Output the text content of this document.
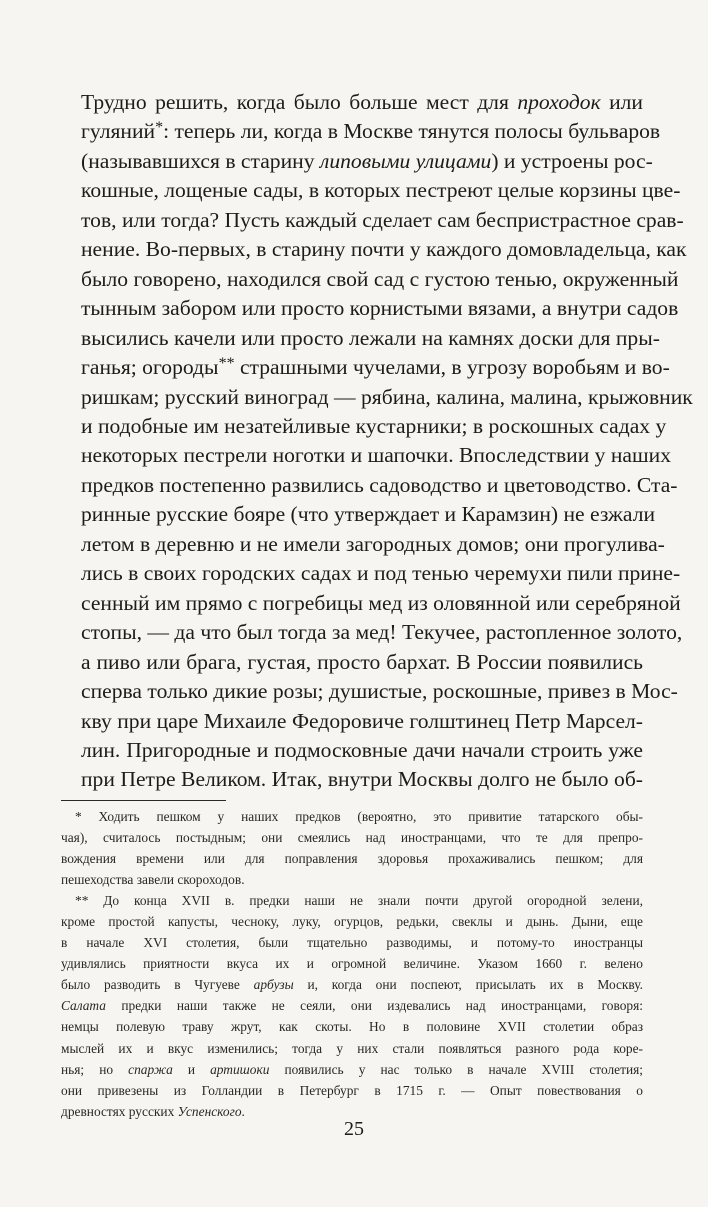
Трудно решить, когда было больше мест для проходок или
гуляний*: теперь ли, когда в Москве тянутся полосы бульваров
(называвшихся в старину липовыми улицами) и устроены рос-
кошные, лощеные сады, в которых пестреют целые корзины цве-
тов, или тогда? Пусть каждый сделает сам беспристрастное срав-
нение. Во-первых, в старину почти у каждого домовладельца, как
было говорено, находился свой сад с густою тенью, окруженный
тынным забором или просто корнистыми вязами, а внутри садов
высились качели или просто лежали на камнях доски для пры-
ганья; огороды** страшными чучелами, в угрозу воробьям и во-
ришкам; русский виноград — рябина, калина, малина, крыжовник
и подобные им незатейливые кустарники; в роскошных садах у
некоторых пестрели ноготки и шапочки. Впоследствии у наших
предков постепенно развились садоводство и цветоводство. Ста-
ринные русские бояре (что утверждает и Карамзин) не езжали
летом в деревню и не имели загородных домов; они прогулива-
лись в своих городских садах и под тенью черемухи пили прине-
сенный им прямо с погребицы мед из оловянной или серебряной
стопы, — да что был тогда за мед! Текучее, растопленное золото,
а пиво или брага, густая, просто бархат. В России появились
сперва только дикие розы; душистые, роскошные, привез в Мос-
кву при царе Михаиле Федоровиче голштинец Петр Марсел-
лин. Пригородные и подмосковные дачи начали строить уже
при Петре Великом. Итак, внутри Москвы долго не было об-
* Ходить пешком у наших предков (вероятно, это привитие татарского обы-
чая), считалось постыдным; они смеялись над иностранцами, что те для препро-
вождения времени или для поправления здоровья прохаживались пешком; для
пешеходства завели скороходов.
** До конца XVII в. предки наши не знали почти другой огородной зелени,
кроме простой капусты, чесноку, луку, огурцов, редьки, свеклы и дынь. Дыни, еще
в начале XVI столетия, были тщательно разводимы, и потому-то иностранцы
удивлялись приятности вкуса их и огромной величине. Указом 1660 г. велено
было разводить в Чугуеве арбузы и, когда они поспеют, присылать их в Москву.
Салата предки наши также не сеяли, они издевались над иностранцами, говоря:
немцы полевую траву жрут, как скоты. Но в половине XVII столетии образ
мыслей их и вкус изменились; тогда у них стали появляться разного рода коре-
нья; но спаржа и артишоки появились у нас только в начале XVIII столетия;
они привезены из Голландии в Петербург в 1715 г. — Опыт повествования о
древностях русских Успенского.
25
